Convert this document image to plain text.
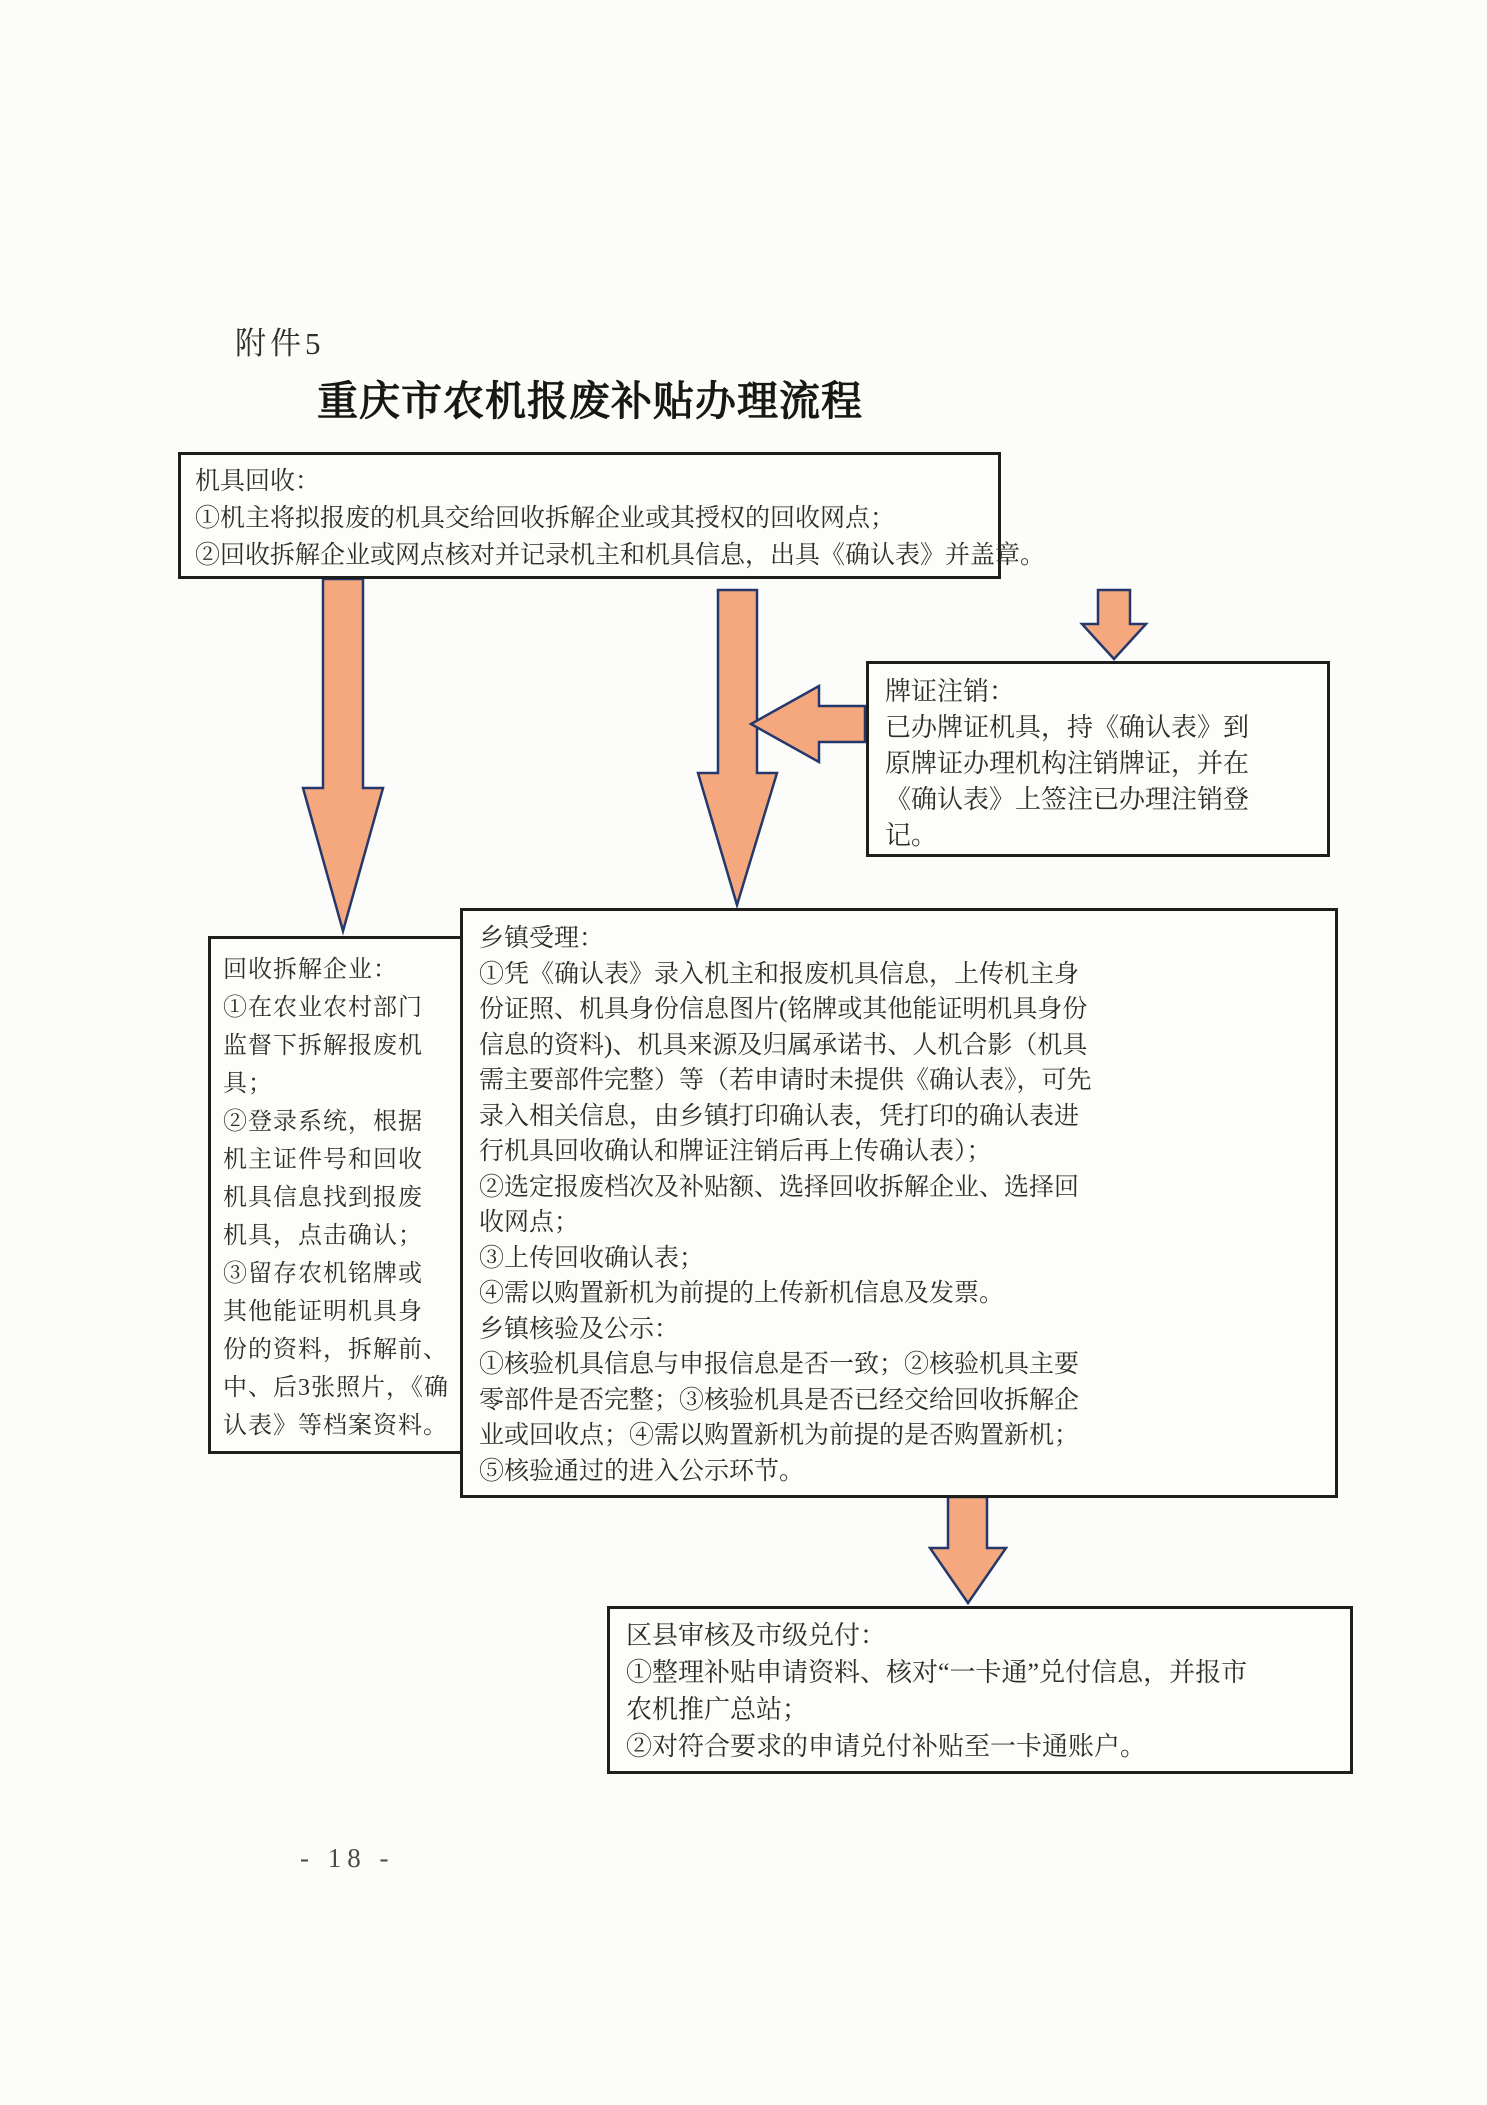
附件5
重庆市农机报废补贴办理流程
机具回收：
①机主将拟报废的机具交给回收拆解企业或其授权的回收网点；
②回收拆解企业或网点核对并记录机主和机具信息，出具《确认表》并盖章。
牌证注销：
已办牌证机具，持《确认表》到
原牌证办理机构注销牌证，并在
《确认表》上签注已办理注销登
记。
回收拆解企业：
①在农业农村部门
监督下拆解报废机
具；
②登录系统，根据
机主证件号和回收
机具信息找到报废
机具，点击确认；
③留存农机铭牌或
其他能证明机具身
份的资料，拆解前、
中、后3张照片，《确
认表》等档案资料。
乡镇受理：
①凭《确认表》录入机主和报废机具信息，上传机主身
份证照、机具身份信息图片(铭牌或其他能证明机具身份
信息的资料)、机具来源及归属承诺书、人机合影（机具
需主要部件完整）等（若申请时未提供《确认表》，可先
录入相关信息，由乡镇打印确认表，凭打印的确认表进
行机具回收确认和牌证注销后再上传确认表）；
②选定报废档次及补贴额、选择回收拆解企业、选择回
收网点；
③上传回收确认表；
④需以购置新机为前提的上传新机信息及发票。
乡镇核验及公示：
①核验机具信息与申报信息是否一致；②核验机具主要
零部件是否完整；③核验机具是否已经交给回收拆解企
业或回收点；④需以购置新机为前提的是否购置新机；
⑤核验通过的进入公示环节。
区县审核及市级兑付：
①整理补贴申请资料、核对“一卡通”兑付信息，并报市
农机推广总站；
②对符合要求的申请兑付补贴至一卡通账户。
- 18 -
